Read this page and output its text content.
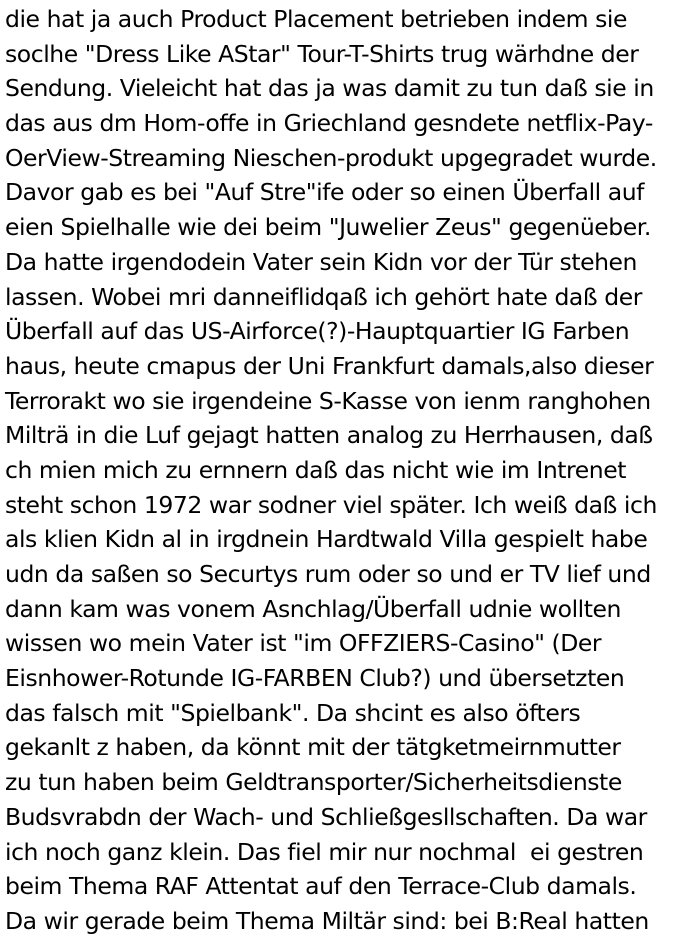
die hat ja auch Product Placement betrieben indem sie
soclhe "Dress Like AStar" Tour-T-Shirts trug wärhdne der
Sendung. Vieleicht hat das ja was damit zu tun daß sie in
das aus dm Hom-offe in Griechland gesndete netflix-Pay-
OerView-Streaming Nieschen-produkt upgegradet wurde.
Davor gab es bei "Auf Stre"ife oder so einen Überfall auf
eien Spielhalle wie dei beim "Juwelier Zeus" gegenüeber.
Da hatte irgendodein Vater sein Kidn vor der Tür stehen
lassen. Wobei mri danneiflidqaß ich gehört hate daß der
Überfall auf das US-Airforce(?)-Hauptquartier IG Farben
haus, heute cmapus der Uni Frankfurt damals,also dieser
Terrorakt wo sie irgendeine S-Kasse von ienm ranghohen
Milträ in die Luf gejagt hatten analog zu Herrhausen, daß
ch mien mich zu ernnern daß das nicht wie im Intrenet
steht schon 1972 war sodner viel später. Ich weiß daß ich
als klien Kidn al in irgdnein Hardtwald Villa gespielt habe
udn da saßen so Securtys rum oder so und er TV lief und
dann kam was vonem Asnchlag/Überfall udnie wollten
wissen wo mein Vater ist "im OFFZIERS-Casino" (Der
Eisnhower-Rotunde IG-FARBEN Club?) und übersetzten
das falsch mit "Spielbank". Da shcint es also öfters
gekanlt z haben, da könnt mit der tätgketmeirnmutter
zu tun haben beim Geldtransporter/Sicherheitsdienste
Budsvrabdn der Wach- und Schließgesllschaften. Da war
ich noch ganz klein. Das fiel mir nur nochmal  ei gestren
beim Thema RAF Attentat auf den Terrace-Club damals.
Da wir gerade beim Thema Miltär sind: bei B:Real hatten
